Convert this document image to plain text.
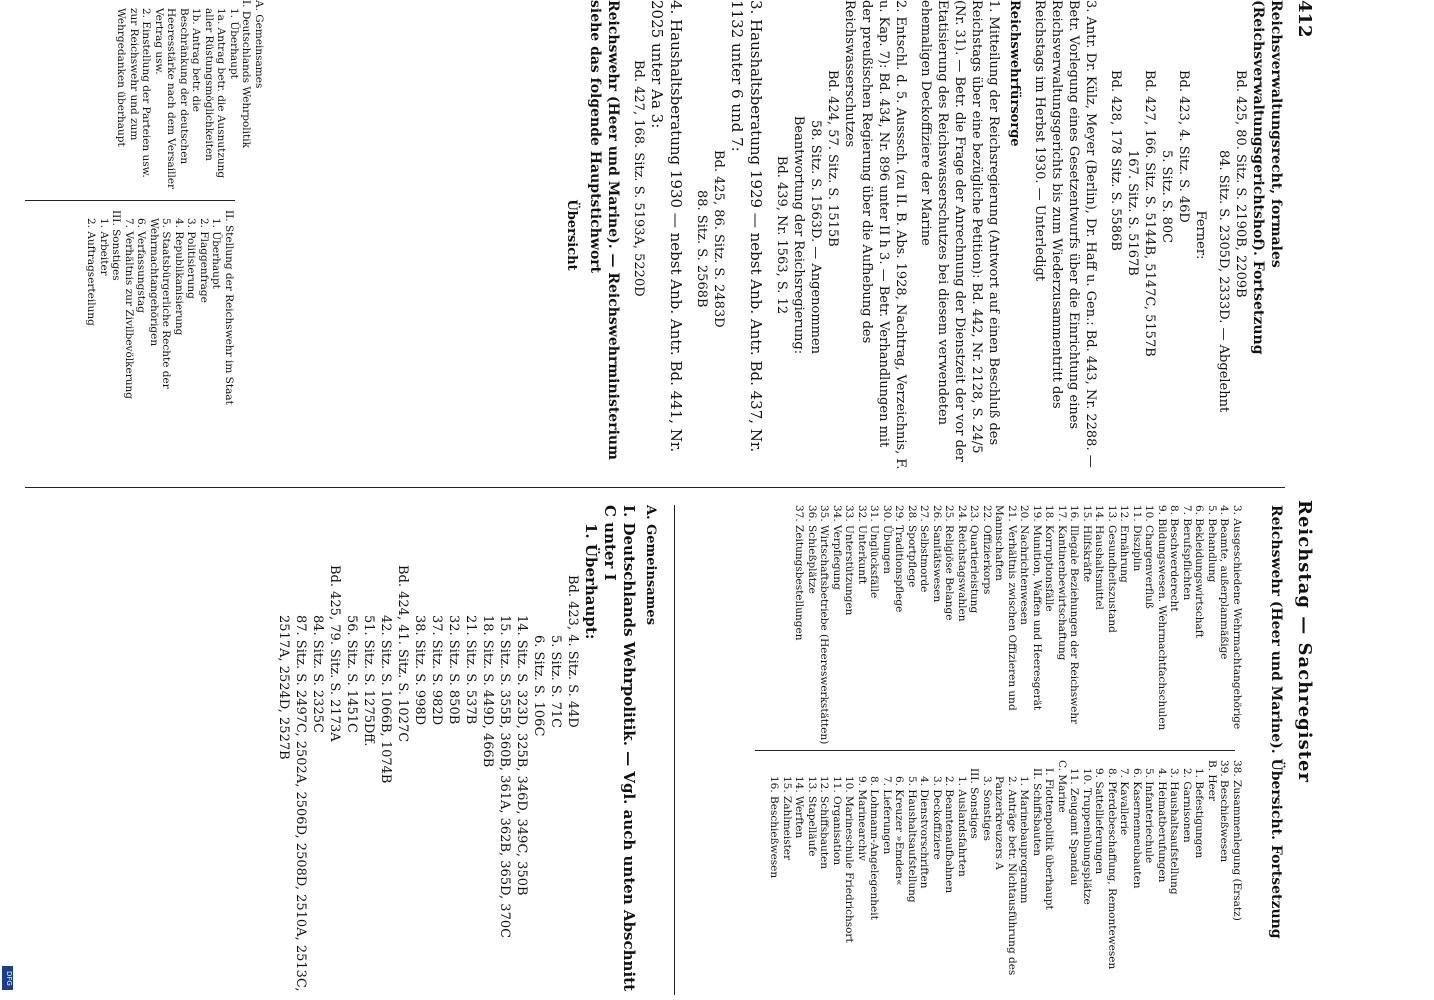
412
Reichstag — Sachregister
Reichsverwaltungsrecht, formales (Reichsverwaltungsgerichtshof). Fortsetzung
Bd. 425, 80. Sitz. S. 2190B, 2209B
84. Sitz. S. 2305D, 2333D. — Abgelehnt
Ferner:
Bd. 423, 4. Sitz. S. 46D
5. Sitz. S. 80C
Bd. 427, 166. Sitz. S. 5144B, 5147C, 5157B
167. Sitz. S. 5167B
Bd. 428, 178 Sitz. S. 5586B
3. Antr. Dr. Külz, Meyer (Berlin), Dr. Haff u. Gen.: Bd. 443, Nr. 2288. — Betr. Vorlegung eines Gesetzentwurfs über die Einrichtung eines Reichsverwaltungsgerichts bis zum Wiederzusammentritt des Reichstags im Herbst 1930. — Unterledigt
Reichswehrfürsorge
1. Mitteilung der Reichsregierung (Antwort auf einen Beschluß des Reichstags über eine bezügliche Petition): Bd. 442, Nr. 2128, S. 24/5 (Nr. 31). — Betr. die Frage der Anrechnung der Dienstzeit der vor der Etatisierung des Reichswasserschutzes bei diesem verwendeten ehemaligen Deckoffiziere der Marine
2. Entschl. d. 5. Ausssch. (zu II. B. Abs. 1928, Nachtrag, Verzeichnis, F. u. Kap. 7): Bd. 434, Nr. 896 unter II h 3. — Betr. Verhandlungen mit der preußischen Regierung über die Aufhebung des Reichswasserschutzes
Bd. 424, 57. Sitz. S. 1515B
58. Sitz. S. 1563D. — Angenommen
Beantwortung der Reichsregierung:
Bd. 439, Nr. 1563, S. 12
3. Haushaltsberatung 1929 — nebst Anb. Antr. Bd. 437, Nr. 1132 unter 6 und 7:
Bd. 425, 86. Sitz. S. 2483D
88. Sitz. S. 2568B
4. Haushaltsberatung 1930 — nebst Anb. Antr. Bd. 441, Nr. 2025 unter Aa 3:
Bd. 427, 168. Sitz. S. 5193A, 5220D
Reichswehr (Heer und Marine). — Reichswehrministerium siehe das folgende Hauptstichwort
Übersicht
A. Gemeinsames
I. Deutschlands Wehrpolitik
1. Überhaupt
1a. Antrag betr. die Ausnutzung aller Rüstungsmöglichkeiten
1b. Antrag betr. die Beschränkung der deutschen Heeresstärke nach dem Versailler Vertrag usw.
2. Einstellung der Parteien usw. zur Reichswehr und zum Wehrgedanken überhaupt
II. Stellung der Reichswehr im Staat
1. Überhaupt
2. Flaggenfrage
3. Politisierung
4. Republikanisierung
5. Staatsbürgerliche Rechte der Wehrmachtangehörigen
6. Verfassungstag
7. Verhältnis zur Zivilbevölkerung
III. Sonstiges
1. Arbeiter
2. Auftragserteilung
Reichswehr (Heer und Marine). Übersicht. Fortsetzung
3. Ausgeschiedene Wehrmachtangehörige
4. Beamte, außerplanmäßige
5. Behandlung
6. Bekleidungswirtschaft
7. Berufspflichten
8. Beschwerderecht
9. Bildungswesen. Wehrmachtfachschulen
10. Chargenverfluß
11. Disziplin
12. Ernährung
13. Gesundheitszustand
14. Haushaltsmittel
15. Hilfskräfte
16. Illegale Beziehungen der Reichswehr
17. Kantinenbewirtschaftung
18. Korruptionsfälle
19. Munition, Waffen und Heeresgerät
20. Nachrichtenwesen
21. Verhältnis zwischen Offizieren und Mannschaften
22. Offizierkorps
23. Quartierleistung
24. Reichstagswahlen
25. Religiöse Belange
26. Sanitätswesen
27. Selbstmorde
28. Sportpflege
29. Traditionspflege
30. Übungen
31. Unglücksfälle
32. Unterkunft
33. Unterstützungen
34. Verpflegung
35. Wirtschaftsbetriebe (Heereswerkstätten)
36. Schießplätze
37. Zeitungsbestellungen
38. Zusammenlegung (Ersatz)
39. Beschießwesen
B. Heer
1. Befestigungen
2. Garnisonen
3. Haushaltsaufstellung
4. Heimatberufungen
5. Infanteriechule
6. Kasernenneubauten
7. Kavallerie
8. Pferdebeschaffung, Remontewesen
9. Sattellieferungen
10. Truppenübungsplätze
11. Zeugamt Spandau
C. Marine
I. Flottenpolitik überhaupt
II. Schiffsbauten
1. Marinebauprogramm
2. Anträge betr. Nichtausführung des Panzerkreuzers A
3. Sonstiges
III. Sonstiges
1. Auslandsfahrten
2. Beamtenaufbahnen
3. Deckoffiziere
4. Dienstvorschriften
5. Haushaltsaufstellung
6. Kreuzer »Emden«
7. Lieferungen
8. Lohmann-Angelegenheit
9. Marinearchiv
10. Marineschule Friedrichsort
11. Organisation
12. Schiffsbauten
13. Stapelläufe
14. Werften
15. Zahlmeister
16. Beschießwesen
A. Gemeinsames
I. Deutschlands Wehrpolitik. — Vgl. auch unten Abschnitt C unter I
1. Überhaupt:
Bd. 423, 4. Sitz. S. 44D
5. Sitz. S. 71C
6. Sitz. S. 106C
14. Sitz. S. 323D, 325B, 346D, 349C, 350B
15. Sitz. S. 355B, 360B, 361A, 362B, 365D, 370C
18. Sitz. S. 449D, 466B
21. Sitz. S. 537B
32. Sitz. S. 850B
37. Sitz. S. 982D
38. Sitz. S. 998D
Bd. 424, 41. Sitz. S. 1027C
42. Sitz. S. 1066B, 1074B
51. Sitz. S. 1275Dff.
56. Sitz. S. 1451C
Bd. 425, 79. Sitz. S. 2173A
84. Sitz. S. 2325C
87. Sitz. S. 2497C, 2502A, 2506D, 2508D, 2510A, 2513C, 2517A, 2524D, 2527B
DFG
